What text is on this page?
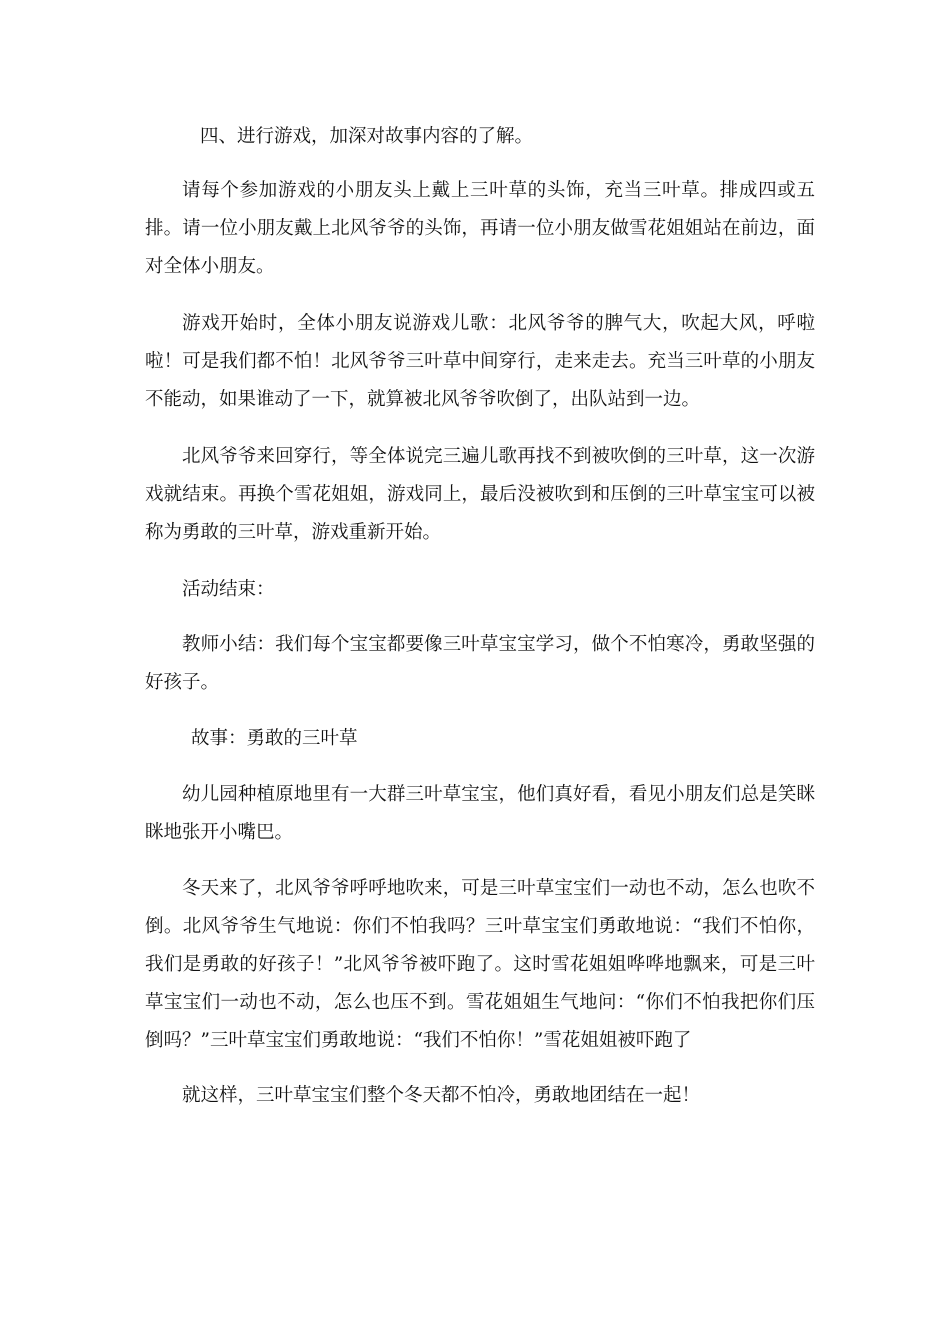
四、进行游戏，加深对故事内容的了解。

请每个参加游戏的小朋友头上戴上三叶草的头饰，充当三叶草。排成四或五排。请一位小朋友戴上北风爷爷的头饰，再请一位小朋友做雪花姐姐站在前边，面对全体小朋友。

游戏开始时，全体小朋友说游戏儿歌：北风爷爷的脾气大，吹起大风，呼啦啦！可是我们都不怕！北风爷爷三叶草中间穿行，走来走去。充当三叶草的小朋友不能动，如果谁动了一下，就算被北风爷爷吹倒了，出队站到一边。

北风爷爷来回穿行，等全体说完三遍儿歌再找不到被吹倒的三叶草，这一次游戏就结束。再换个雪花姐姐，游戏同上，最后没被吹到和压倒的三叶草宝宝可以被称为勇敢的三叶草，游戏重新开始。

活动结束：

教师小结：我们每个宝宝都要像三叶草宝宝学习，做个不怕寒冷，勇敢坚强的好孩子。

故事：勇敢的三叶草

幼儿园种植原地里有一大群三叶草宝宝，他们真好看，看见小朋友们总是笑眯眯地张开小嘴巴。

冬天来了，北风爷爷呼呼地吹来，可是三叶草宝宝们一动也不动，怎么也吹不倒。北风爷爷生气地说：你们不怕我吗？三叶草宝宝们勇敢地说：“我们不怕你，我们是勇敢的好孩子！”北风爷爷被吓跑了。这时雪花姐姐哗哗地飘来，可是三叶草宝宝们一动也不动，怎么也压不到。雪花姐姐生气地问：“你们不怕我把你们压倒吗？”三叶草宝宝们勇敢地说：“我们不怕你！”雪花姐姐被吓跑了

就这样，三叶草宝宝们整个冬天都不怕冷，勇敢地团结在一起！
